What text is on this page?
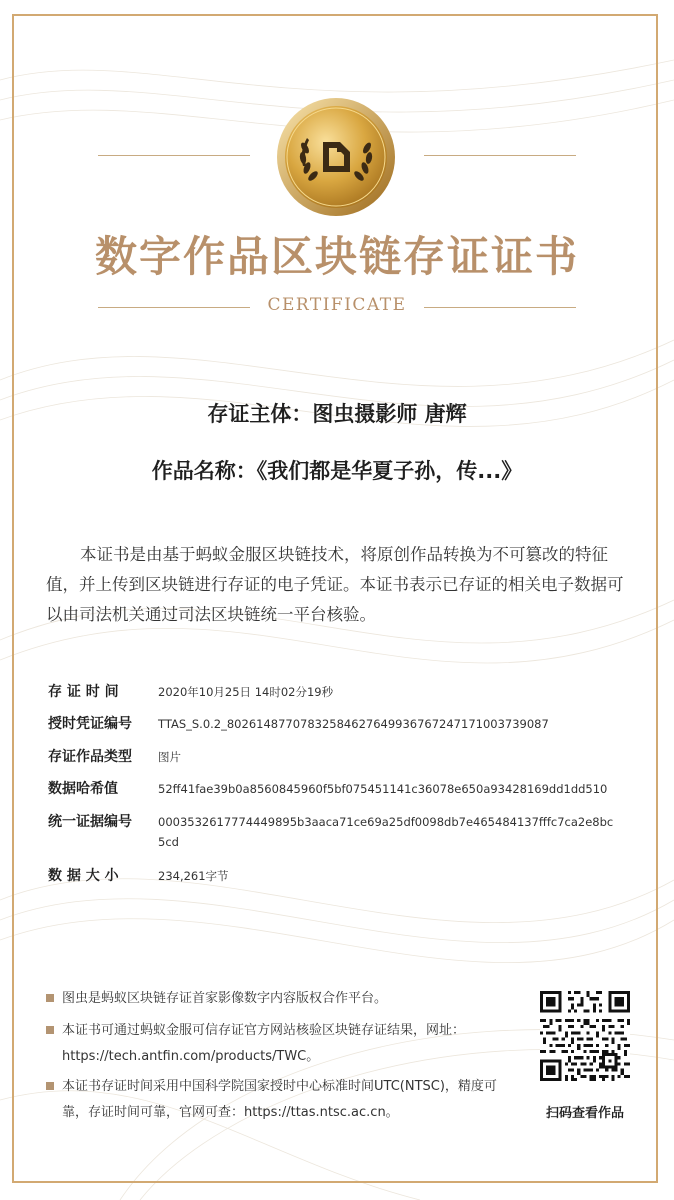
数字作品区块链存证证书
CERTIFICATE
存证主体：图虫摄影师 唐辉
作品名称：《我们都是华夏子孙，传...》

本证书是由基于蚂蚁金服区块链技术，将原创作品转换为不可篡改的特征值，并上传到区块链进行存证的电子凭证。本证书表示已存证的相关电子数据可以由司法机关通过司法区块链统一平台核验。

存 证 时 间	2020年10月25日 14时02分19秒
授时凭证编号	TTAS_S.0.2_802614877078325846276499367672471710037390​87
存证作品类型	图片
数据哈希值	52ff41fae39b0a8560845960f5bf075451141c36078e650a93428169dd1dd510
统一证据编号	000353261777444989​5b3aaca71ce69a25df0098db7e465484137fffc7ca2e8bc5cd
数 据 大 小	234,261字节
图虫是蚂蚁区块链存证首家影像数字内容版权合作平台。
本证书可通过蚂蚁金服可信存证官方网站核验区块链存证结果，网址：https://tech.antfin.com/products/TWC。
本证书存证时间采用中国科学院国家授时中心标准时间UTC(NTSC)，精度可靠，存证时间可靠，官网可查：https://ttas.ntsc.ac.cn。	扫码查看作品
